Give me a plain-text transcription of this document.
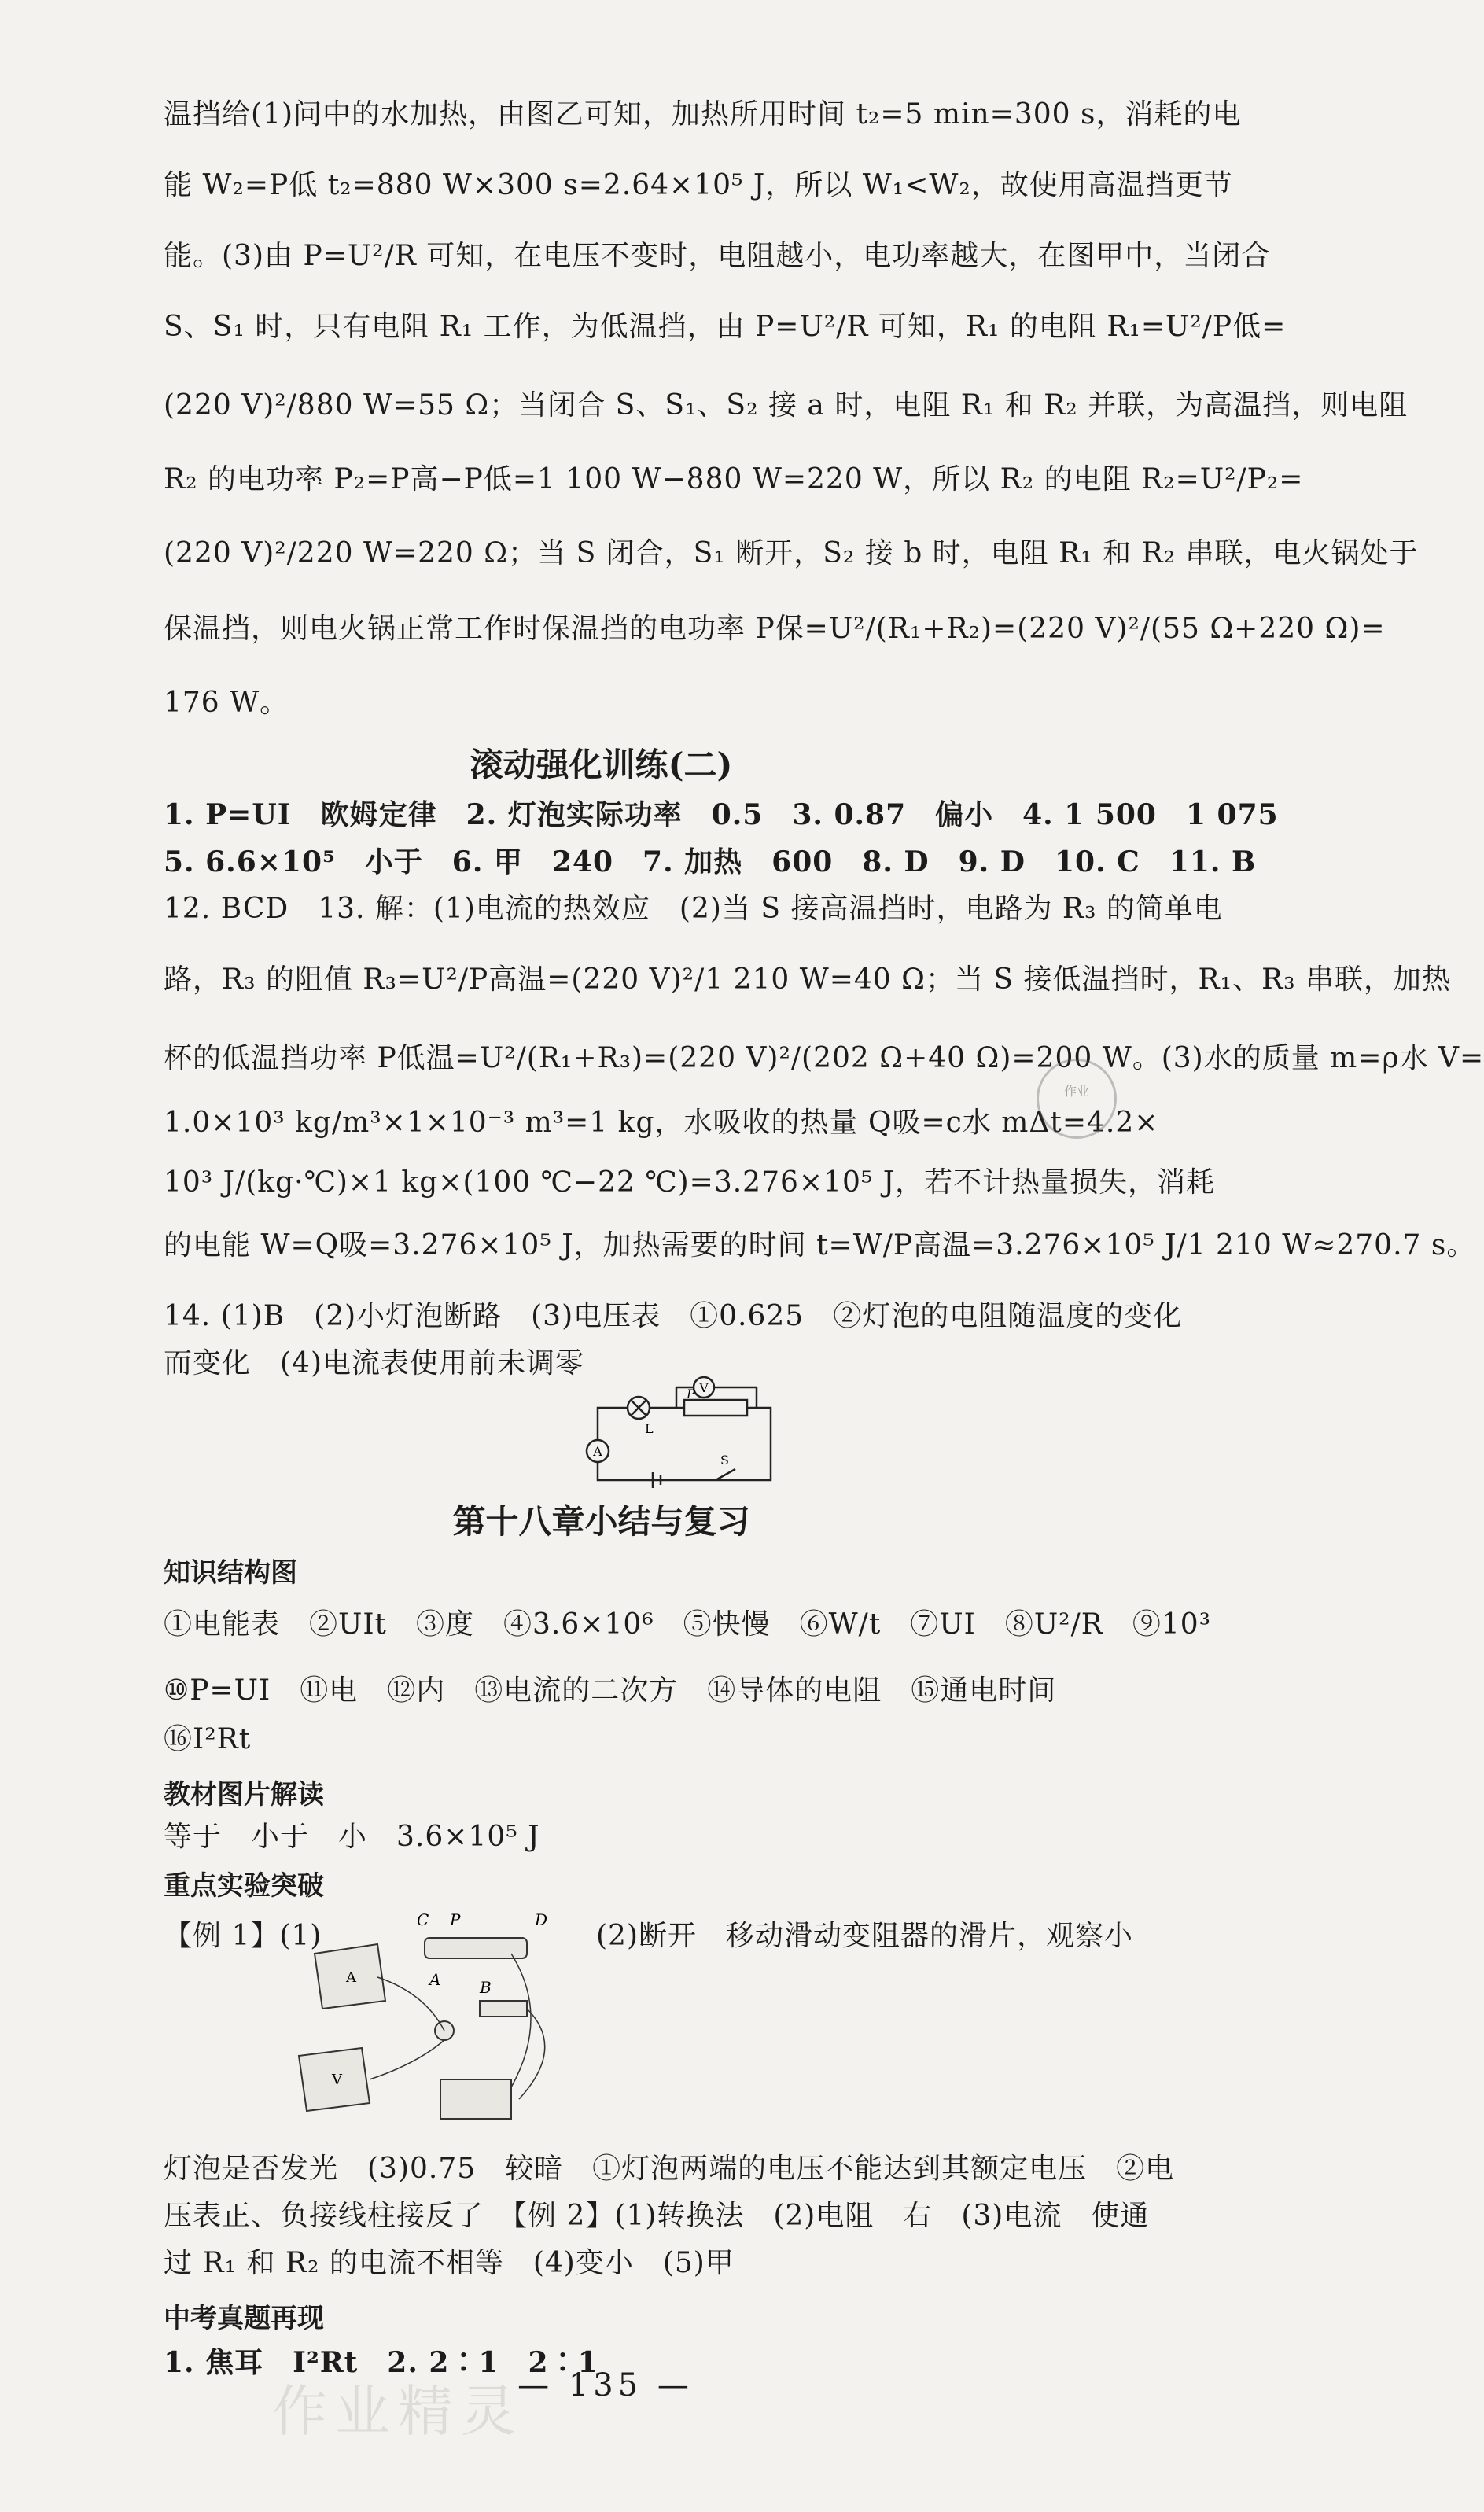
温挡给(1)问中的水加热，由图乙可知，加热所用时间 t₂=5 min=300 s，消耗的电
能 W₂=P低 t₂=880 W×300 s=2.64×10⁵ J，所以 W₁<W₂，故使用高温挡更节
能。(3)由 P=U²/R 可知，在电压不变时，电阻越小，电功率越大，在图甲中，当闭合
S、S₁ 时，只有电阻 R₁ 工作，为低温挡，由 P=U²/R 可知，R₁ 的电阻 R₁=U²/P低=
(220 V)²/880 W=55 Ω；当闭合 S、S₁、S₂ 接 a 时，电阻 R₁ 和 R₂ 并联，为高温挡，则电阻
R₂ 的电功率 P₂=P高−P低=1 100 W−880 W=220 W，所以 R₂ 的电阻 R₂=U²/P₂=
(220 V)²/220 W=220 Ω；当 S 闭合，S₁ 断开，S₂ 接 b 时，电阻 R₁ 和 R₂ 串联，电火锅处于
保温挡，则电火锅正常工作时保温挡的电功率 P保=U²/(R₁+R₂)=(220 V)²/(55 Ω+220 Ω)=
176 W。
滚动强化训练(二)
1. P=UI　欧姆定律　2. 灯泡实际功率　0.5　3. 0.87　偏小　4. 1 500　1 075
5. 6.6×10⁵　小于　6. 甲　240　7. 加热　600　8. D　9. D　10. C　11. B
12. BCD　13. 解：(1)电流的热效应　(2)当 S 接高温挡时，电路为 R₃ 的简单电
路，R₃ 的阻值 R₃=U²/P高温=(220 V)²/1 210 W=40 Ω；当 S 接低温挡时，R₁、R₃ 串联，加热
杯的低温挡功率 P低温=U²/(R₁+R₃)=(220 V)²/(202 Ω+40 Ω)=200 W。(3)水的质量 m=ρ水 V=
1.0×10³ kg/m³×1×10⁻³ m³=1 kg，水吸收的热量 Q吸=c水 mΔt=4.2×
10³ J/(kg·℃)×1 kg×(100 ℃−22 ℃)=3.276×10⁵ J，若不计热量损失，消耗
的电能 W=Q吸=3.276×10⁵ J，加热需要的时间 t=W/P高温=3.276×10⁵ J/1 210 W≈270.7 s。
14. (1)B　(2)小灯泡断路　(3)电压表　①0.625　②灯泡的电阻随温度的变化
而变化　(4)电流表使用前未调零
作业
V
P
L
A
S
第十八章小结与复习
知识结构图
①电能表　②UIt　③度　④3.6×10⁶　⑤快慢　⑥W/t　⑦UI　⑧U²/R　⑨10³
⑩P=UI　⑪电　⑫内　⑬电流的二次方　⑭导体的电阻　⑮通电时间
⑯I²Rt
教材图片解读
等于　小于　小　3.6×10⁵ J
重点实验突破
【例 1】(1)	(2)断开　移动滑动变阻器的滑片，观察小
C P	D
A B
A
V
灯泡是否发光　(3)0.75　较暗　①灯泡两端的电压不能达到其额定电压　②电
压表正、负接线柱接反了　【例 2】(1)转换法　(2)电阻　右　(3)电流　使通
过 R₁ 和 R₂ 的电流不相等　(4)变小　(5)甲
中考真题再现
1. 焦耳　I²Rt　2. 2∶1　2∶1
作业精灵
— 135 —
